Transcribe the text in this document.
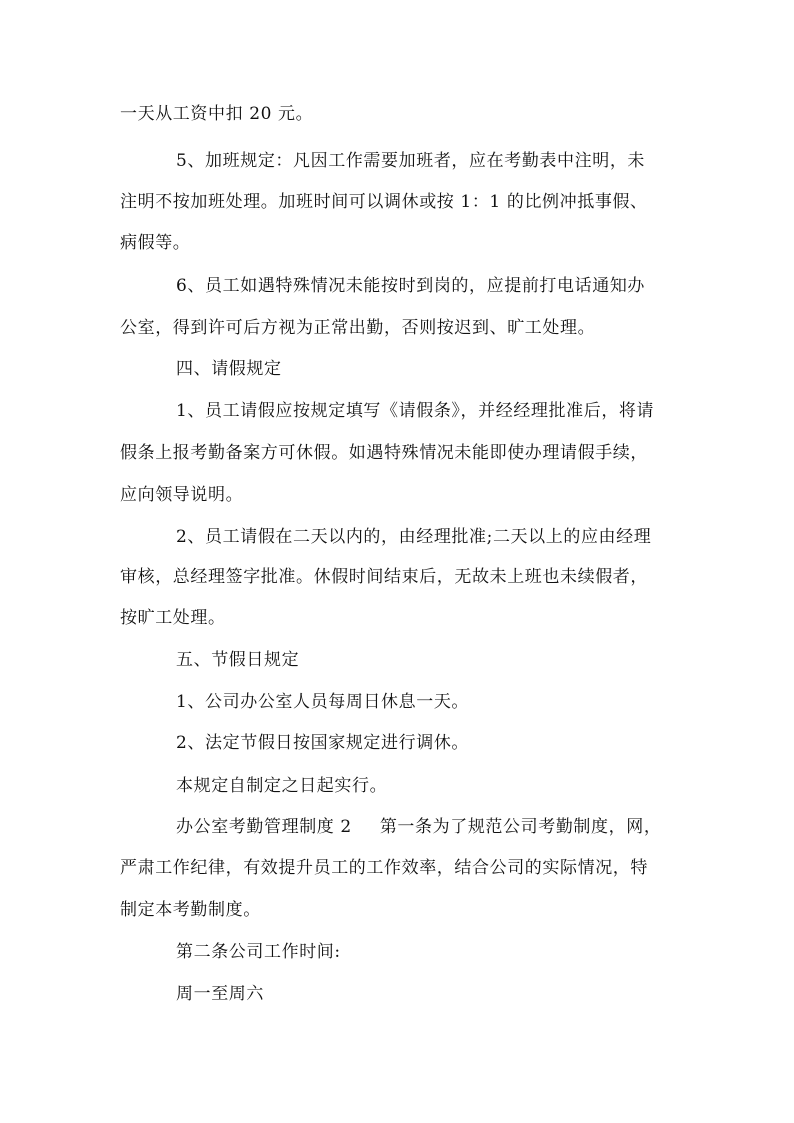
一天从工资中扣 20 元。
5、加班规定：凡因工作需要加班者，应在考勤表中注明，未
注明不按加班处理。加班时间可以调休或按 1：1 的比例冲抵事假、
病假等。
6、员工如遇特殊情况未能按时到岗的，应提前打电话通知办
公室，得到许可后方视为正常出勤，否则按迟到、旷工处理。
四、请假规定
1、员工请假应按规定填写《请假条》，并经经理批准后，将请
假条上报考勤备案方可休假。如遇特殊情况未能即使办理请假手续，
应向领导说明。
2、员工请假在二天以内的，由经理批准;二天以上的应由经理
审核，总经理签字批准。休假时间结束后，无故未上班也未续假者，
按旷工处理。
五、节假日规定
1、公司办公室人员每周日休息一天。
2、法定节假日按国家规定进行调休。
本规定自制定之日起实行。
办公室考勤管理制度 2 第一条为了规范公司考勤制度，网，
严肃工作纪律，有效提升员工的工作效率，结合公司的实际情况，特
制定本考勤制度。
第二条公司工作时间:
周一至周六
